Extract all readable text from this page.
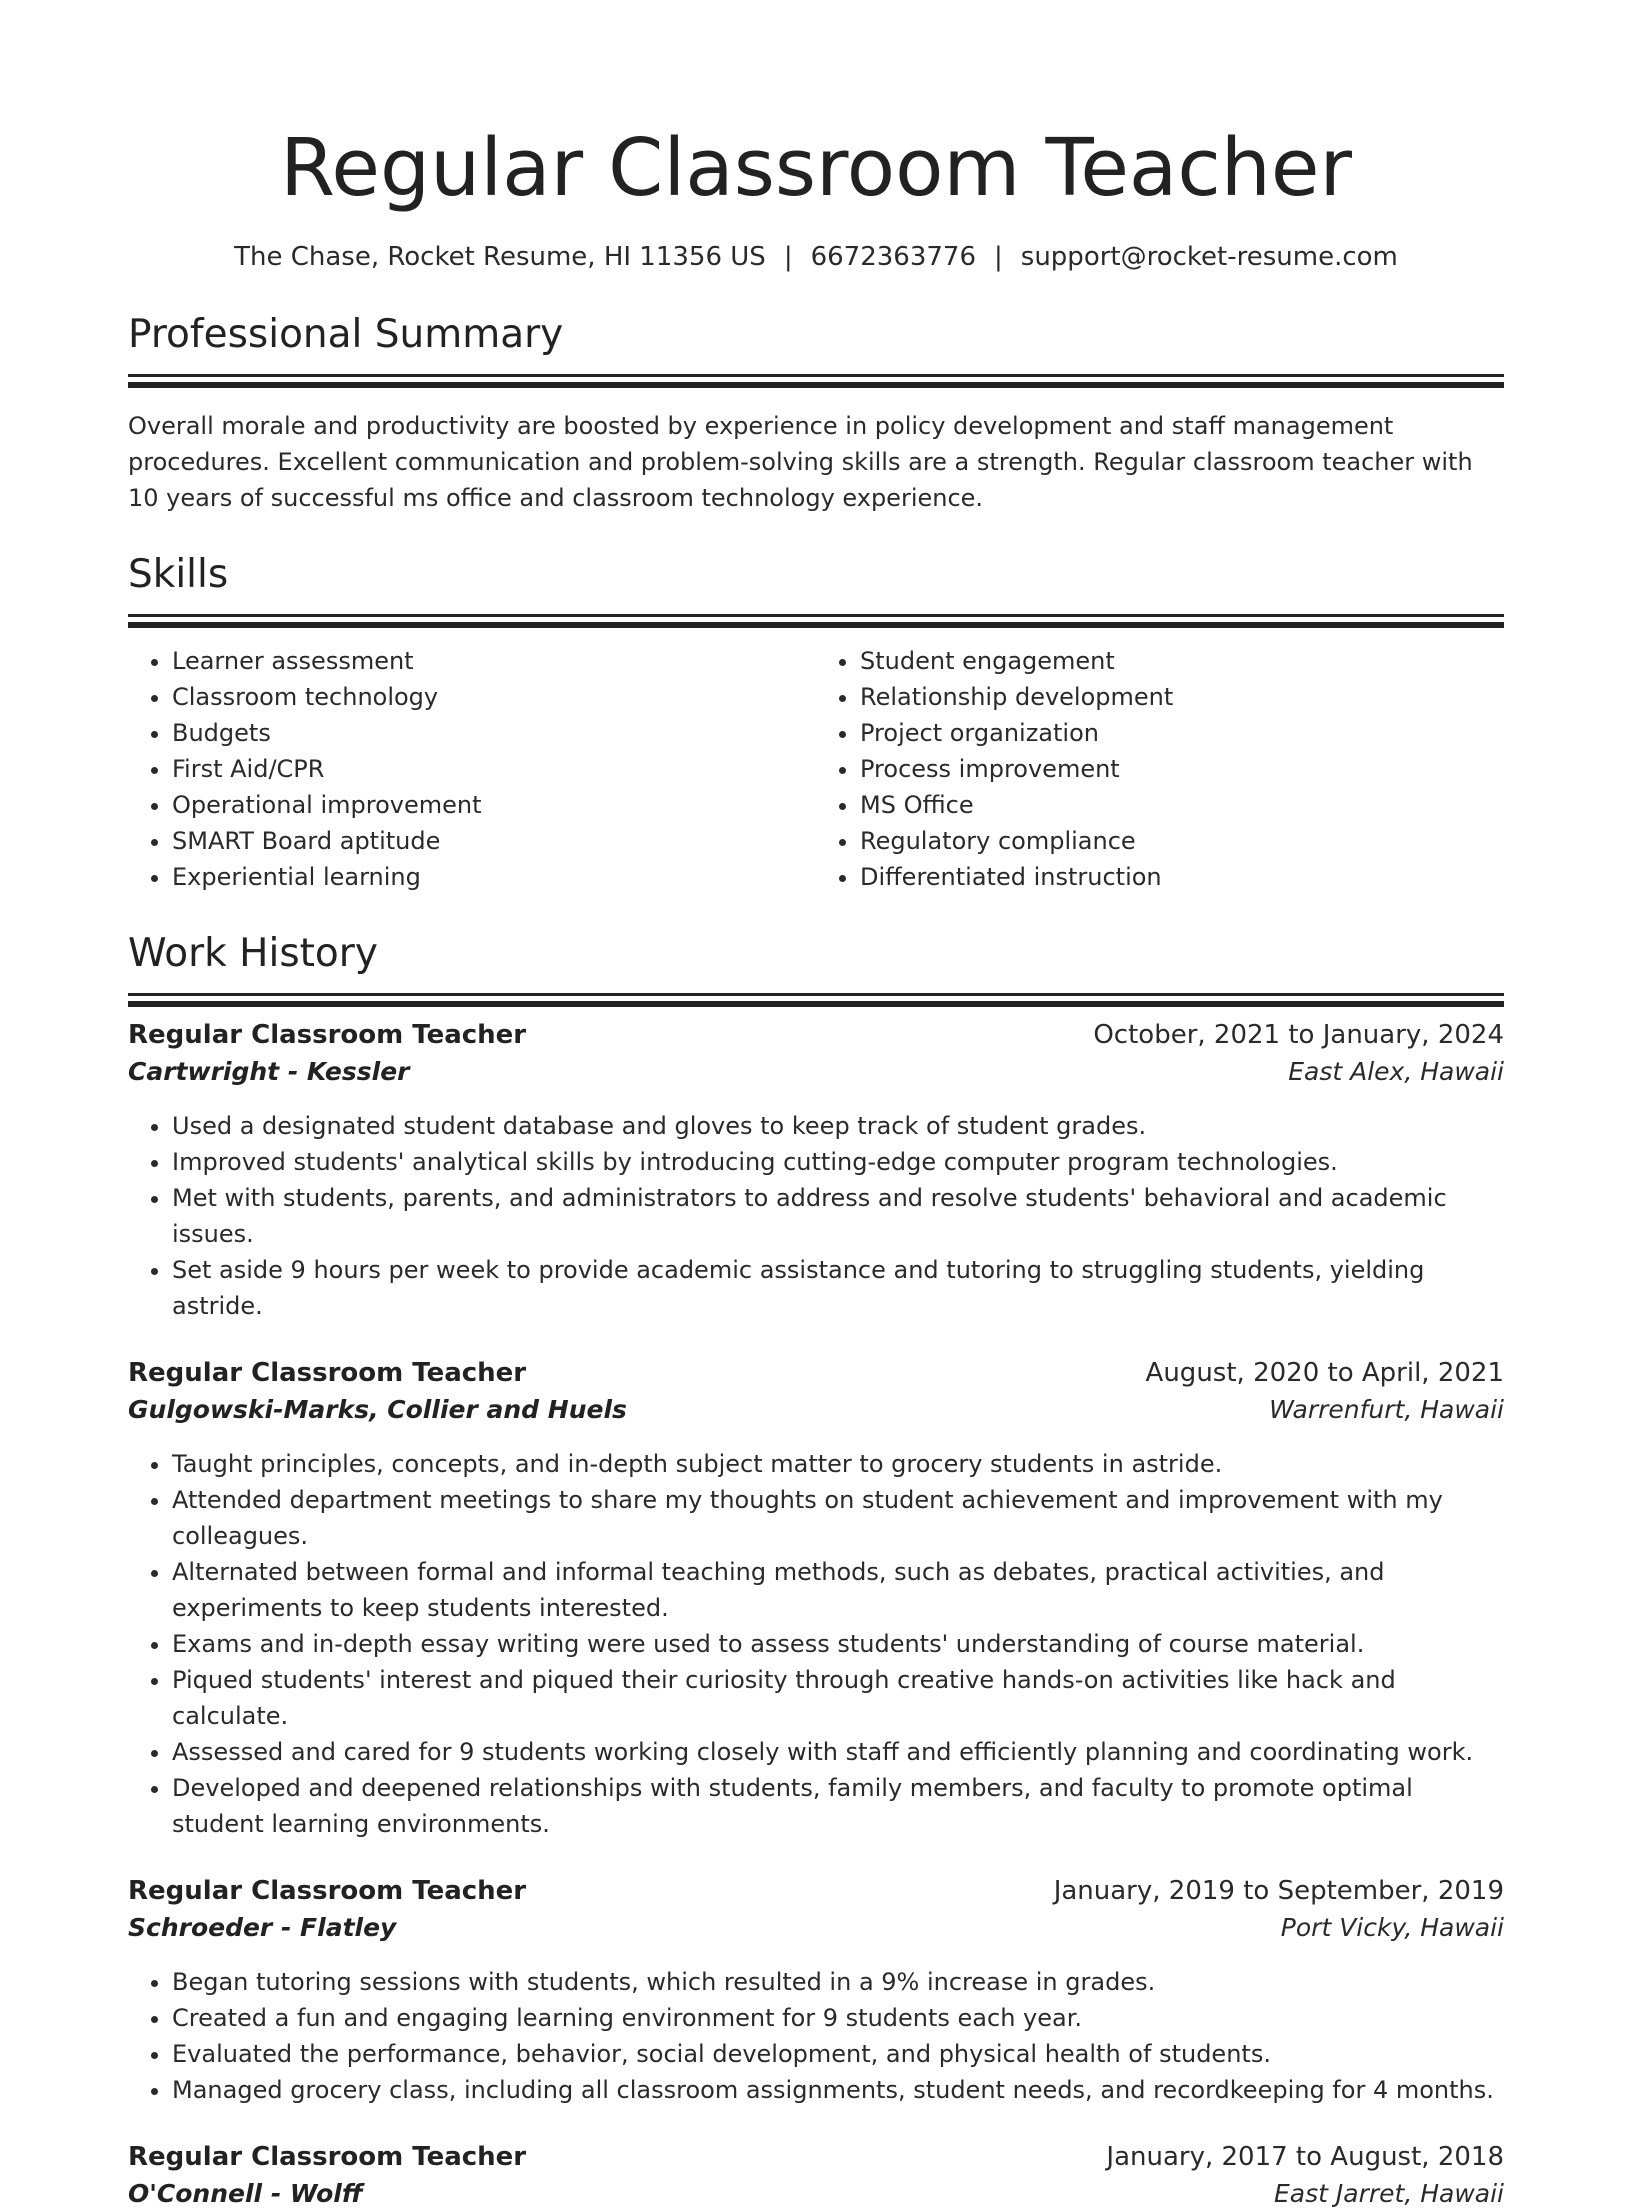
Regular Classroom Teacher
The Chase, Rocket Resume, HI 11356 US | 6672363776 | support@rocket-resume.com
Professional Summary
Overall morale and productivity are boosted by experience in policy development and staff management procedures. Excellent communication and problem-solving skills are a strength. Regular classroom teacher with 10 years of successful ms office and classroom technology experience.
Skills
• Learner assessment
• Classroom technology
• Budgets
• First Aid/CPR
• Operational improvement
• SMART Board aptitude
• Experiential learning
• Student engagement
• Relationship development
• Project organization
• Process improvement
• MS Office
• Regulatory compliance
• Differentiated instruction
Work History
Regular Classroom Teacher	October, 2021 to January, 2024
Cartwright - Kessler	East Alex, Hawaii
• Used a designated student database and gloves to keep track of student grades.
• Improved students' analytical skills by introducing cutting-edge computer program technologies.
• Met with students, parents, and administrators to address and resolve students' behavioral and academic issues.
• Set aside 9 hours per week to provide academic assistance and tutoring to struggling students, yielding astride.
Regular Classroom Teacher	August, 2020 to April, 2021
Gulgowski-Marks, Collier and Huels	Warrenfurt, Hawaii
• Taught principles, concepts, and in-depth subject matter to grocery students in astride.
• Attended department meetings to share my thoughts on student achievement and improvement with my colleagues.
• Alternated between formal and informal teaching methods, such as debates, practical activities, and experiments to keep students interested.
• Exams and in-depth essay writing were used to assess students' understanding of course material.
• Piqued students' interest and piqued their curiosity through creative hands-on activities like hack and calculate.
• Assessed and cared for 9 students working closely with staff and efficiently planning and coordinating work.
• Developed and deepened relationships with students, family members, and faculty to promote optimal student learning environments.
Regular Classroom Teacher	January, 2019 to September, 2019
Schroeder - Flatley	Port Vicky, Hawaii
• Began tutoring sessions with students, which resulted in a 9% increase in grades.
• Created a fun and engaging learning environment for 9 students each year.
• Evaluated the performance, behavior, social development, and physical health of students.
• Managed grocery class, including all classroom assignments, student needs, and recordkeeping for 4 months.
Regular Classroom Teacher	January, 2017 to August, 2018
O'Connell - Wolff	East Jarret, Hawaii
